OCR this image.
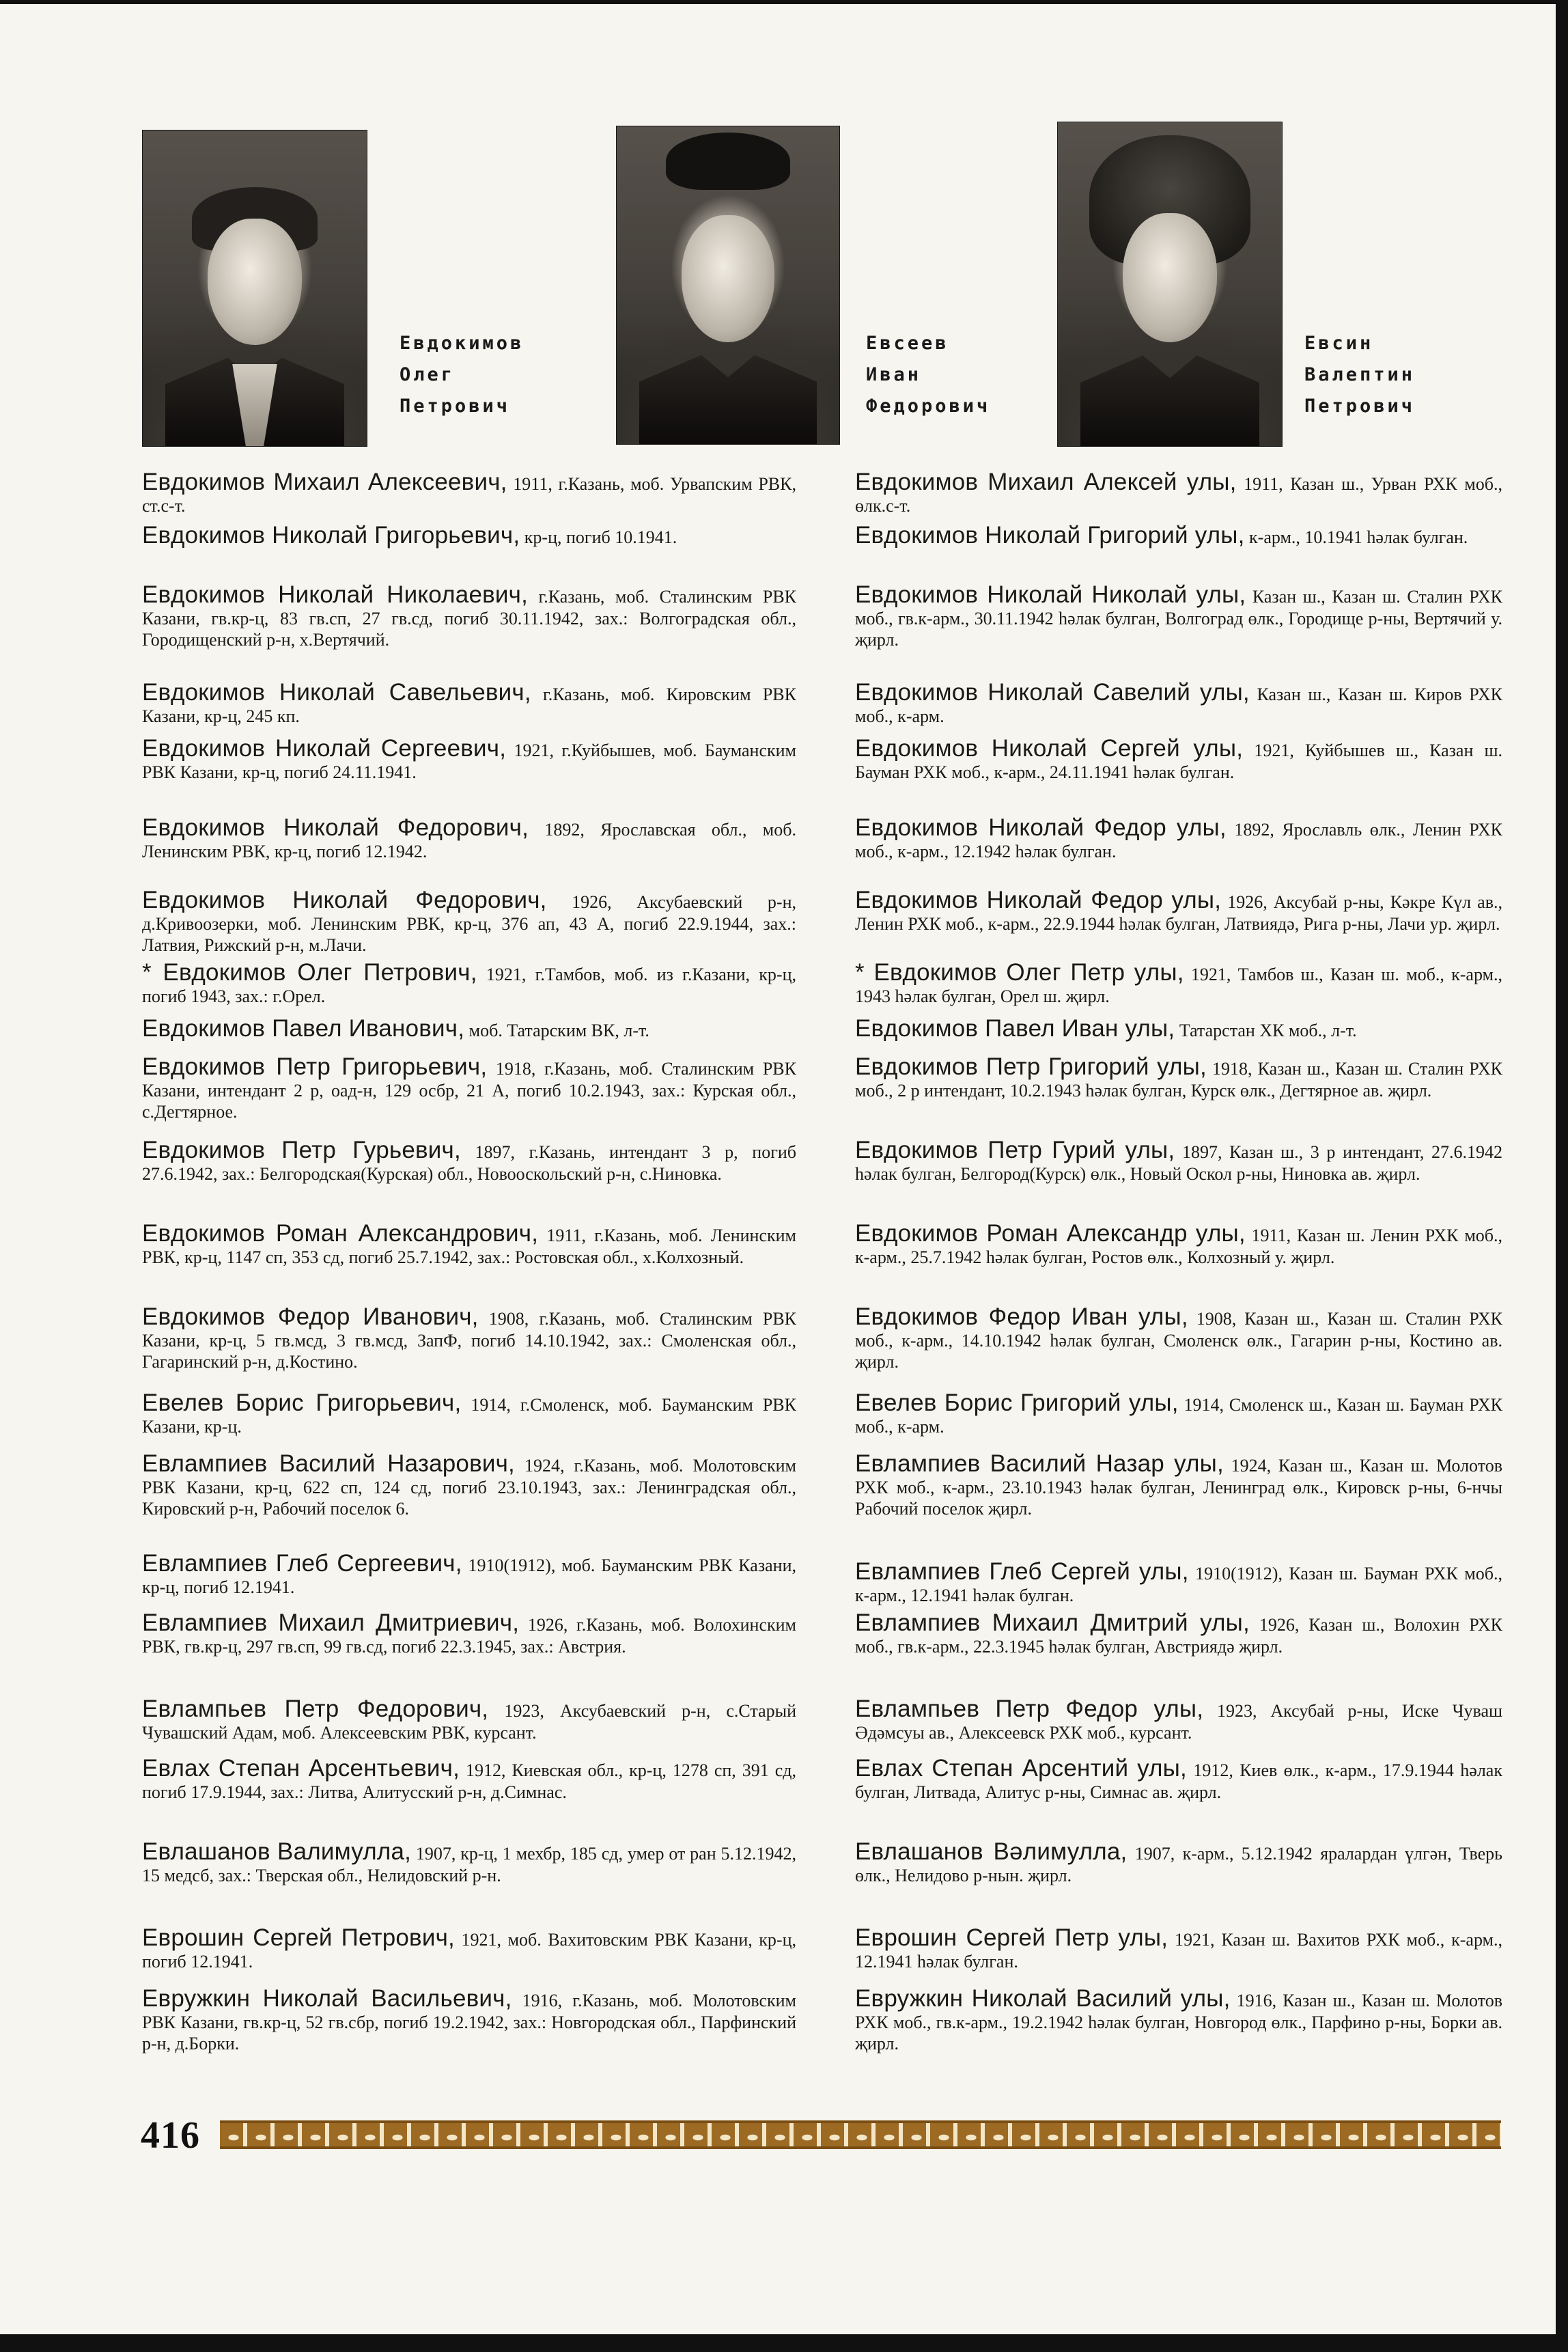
Евдокимов
Олег
Петрович
Евсеев
Иван
Федорович
Евсин
Валептин
Петрович
Евдокимов Михаил Алексеевич, 1911, г.Казань, моб. Урвапским РВК, ст.с-т.
Евдокимов Николай Григорьевич, кр-ц, погиб 10.1941.
Евдокимов Николай Николаевич, г.Казань, моб. Сталинским РВК Казани, гв.кр-ц, 83 гв.сп, 27 гв.сд, погиб 30.11.1942, зах.: Волгоградская обл., Городищенский р-н, х.Вертячий.
Евдокимов Николай Савельевич, г.Казань, моб. Кировским РВК Казани, кр-ц, 245 кп.
Евдокимов Николай Сергеевич, 1921, г.Куйбышев, моб. Бауманским РВК Казани, кр-ц, погиб 24.11.1941.
Евдокимов Николай Федорович, 1892, Ярославская обл., моб. Ленинским РВК, кр-ц, погиб 12.1942.
Евдокимов Николай Федорович, 1926, Аксубаевский р-н, д.Кривоозерки, моб. Ленинским РВК, кр-ц, 376 ап, 43 А, погиб 22.9.1944, зах.: Латвия, Рижский р-н, м.Лачи.
* Евдокимов Олег Петрович, 1921, г.Тамбов, моб. из г.Казани, кр-ц, погиб 1943, зах.: г.Орел.
Евдокимов Павел Иванович, моб. Татарским ВК, л-т.
Евдокимов Петр Григорьевич, 1918, г.Казань, моб. Сталинским РВК Казани, интендант 2 р, оад-н, 129 осбр, 21 А, погиб 10.2.1943, зах.: Курская обл., с.Дегтярное.
Евдокимов Петр Гурьевич, 1897, г.Казань, интендант 3 р, погиб 27.6.1942, зах.: Белгородская(Курская) обл., Новооскольский р-н, с.Ниновка.
Евдокимов Роман Александрович, 1911, г.Казань, моб. Ленинским РВК, кр-ц, 1147 сп, 353 сд, погиб 25.7.1942, зах.: Ростовская обл., х.Колхозный.
Евдокимов Федор Иванович, 1908, г.Казань, моб. Сталинским РВК Казани, кр-ц, 5 гв.мсд, 3 гв.мсд, ЗапФ, погиб 14.10.1942, зах.: Смоленская обл., Гагаринский р-н, д.Костино.
Евелев Борис Григорьевич, 1914, г.Смоленск, моб. Бауманским РВК Казани, кр-ц.
Евлампиев Василий Назарович, 1924, г.Казань, моб. Молотовским РВК Казани, кр-ц, 622 сп, 124 сд, погиб 23.10.1943, зах.: Ленинградская обл., Кировский р-н, Рабочий поселок 6.
Евлампиев Глеб Сергеевич, 1910(1912), моб. Бауманским РВК Казани, кр-ц, погиб 12.1941.
Евлампиев Михаил Дмитриевич, 1926, г.Казань, моб. Волохинским РВК, гв.кр-ц, 297 гв.сп, 99 гв.сд, погиб 22.3.1945, зах.: Австрия.
Евлампьев Петр Федорович, 1923, Аксубаевский р-н, с.Старый Чувашский Адам, моб. Алексеевским РВК, курсант.
Евлах Степан Арсентьевич, 1912, Киевская обл., кр-ц, 1278 сп, 391 сд, погиб 17.9.1944, зах.: Литва, Алитусский р-н, д.Симнас.
Евлашанов Валимулла, 1907, кр-ц, 1 мехбр, 185 сд, умер от ран 5.12.1942, 15 медсб, зах.: Тверская обл., Нелидовский р-н.
Еврошин Сергей Петрович, 1921, моб. Вахитовским РВК Казани, кр-ц, погиб 12.1941.
Евружкин Николай Васильевич, 1916, г.Казань, моб. Молотовским РВК Казани, гв.кр-ц, 52 гв.сбр, погиб 19.2.1942, зах.: Новгородская обл., Парфинский р-н, д.Борки.
Евдокимов Михаил Алексей улы, 1911, Казан ш., Урван РХК моб., өлк.с-т.
Евдокимов Николай Григорий улы, к-арм., 10.1941 һәлак булган.
Евдокимов Николай Николай улы, Казан ш., Казан ш. Сталин РХК моб., гв.к-арм., 30.11.1942 һәлак булган, Волгоград өлк., Городище р-ны, Вертячий у. җирл.
Евдокимов Николай Савелий улы, Казан ш., Казан ш. Киров РХК моб., к-арм.
Евдокимов Николай Сергей улы, 1921, Куйбышев ш., Казан ш. Бауман РХК моб., к-арм., 24.11.1941 һәлак булган.
Евдокимов Николай Федор улы, 1892, Ярославль өлк., Ленин РХК моб., к-арм., 12.1942 һәлак булган.
Евдокимов Николай Федор улы, 1926, Аксубай р-ны, Кәкре Күл ав., Ленин РХК моб., к-арм., 22.9.1944 һәлак булган, Латвиядә, Рига р-ны, Лачи ур. җирл.
* Евдокимов Олег Петр улы, 1921, Тамбов ш., Казан ш. моб., к-арм., 1943 һәлак булган, Орел ш. җирл.
Евдокимов Павел Иван улы, Татарстан ХК моб., л-т.
Евдокимов Петр Григорий улы, 1918, Казан ш., Казан ш. Сталин РХК моб., 2 р интендант, 10.2.1943 һәлак булган, Курск өлк., Дегтярное ав. җирл.
Евдокимов Петр Гурий улы, 1897, Казан ш., 3 р интендант, 27.6.1942 һәлак булган, Белгород(Курск) өлк., Новый Оскол р-ны, Ниновка ав. җирл.
Евдокимов Роман Александр улы, 1911, Казан ш. Ленин РХК моб., к-арм., 25.7.1942 һәлак булган, Ростов өлк., Колхозный у. җирл.
Евдокимов Федор Иван улы, 1908, Казан ш., Казан ш. Сталин РХК моб., к-арм., 14.10.1942 һәлак булган, Смоленск өлк., Гагарин р-ны, Костино ав. җирл.
Евелев Борис Григорий улы, 1914, Смоленск ш., Казан ш. Бауман РХК моб., к-арм.
Евлампиев Василий Назар улы, 1924, Казан ш., Казан ш. Молотов РХК моб., к-арм., 23.10.1943 һәлак булган, Ленинград өлк., Кировск р-ны, 6-нчы Рабочий поселок җирл.
Евлампиев Глеб Сергей улы, 1910(1912), Казан ш. Бауман РХК моб., к-арм., 12.1941 һәлак булган.
Евлампиев Михаил Дмитрий улы, 1926, Казан ш., Волохин РХК моб., гв.к-арм., 22.3.1945 һәлак булган, Австриядә җирл.
Евлампьев Петр Федор улы, 1923, Аксубай р-ны, Иске Чуваш Әдәмсуы ав., Алексеевск РХК моб., курсант.
Евлах Степан Арсентий улы, 1912, Киев өлк., к-арм., 17.9.1944 һәлак булган, Литвада, Алитус р-ны, Симнас ав. җирл.
Евлашанов Вәлимулла, 1907, к-арм., 5.12.1942 яралардан үлгән, Тверь өлк., Нелидово р-нын. җирл.
Еврошин Сергей Петр улы, 1921, Казан ш. Вахитов РХК моб., к-арм., 12.1941 һәлак булган.
Евружкин Николай Василий улы, 1916, Казан ш., Казан ш. Молотов РХК моб., гв.к-арм., 19.2.1942 һәлак булган, Новгород өлк., Парфино р-ны, Борки ав. җирл.
416
